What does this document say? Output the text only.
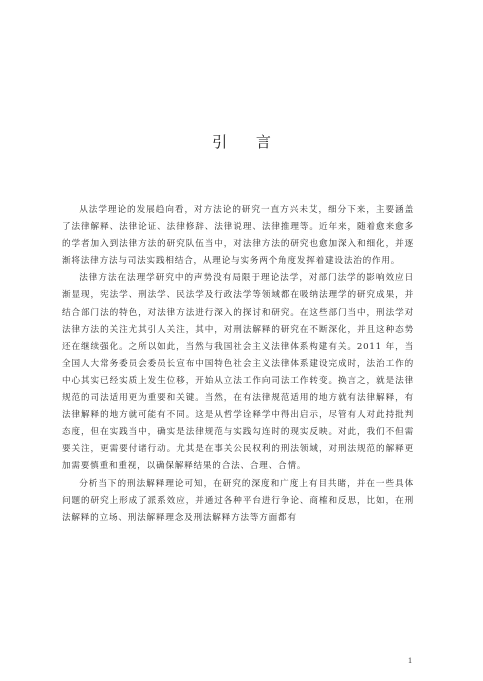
引 言

从法学理论的发展趋向看，对方法论的研究一直方兴未艾，细分下来，主要涵盖了法律解释、法律论证、法律修辞、法律说理、法律推理等。近年来，随着愈来愈多的学者加入到法律方法的研究队伍当中，对法律方法的研究也愈加深入和细化，并逐渐将法律方法与司法实践相结合，从理论与实务两个角度发挥着建设法治的作用。

法律方法在法理学研究中的声势没有局限于理论法学，对部门法学的影响效应日渐显现，宪法学、刑法学、民法学及行政法学等领域都在吸纳法理学的研究成果，并结合部门法的特色，对法律方法进行深入的探讨和研究。在这些部门当中，刑法学对法律方法的关注尤其引人关注，其中，对刑法解释的研究在不断深化，并且这种态势还在继续强化。之所以如此，当然与我国社会主义法律体系构建有关。2011 年，当全国人大常务委员会委员长宣布中国特色社会主义法律体系建设完成时，法治工作的中心其实已经实质上发生位移，开始从立法工作向司法工作转变。换言之，就是法律规范的司法适用更为重要和关键。当然，在有法律规范适用的地方就有法律解释，有法律解释的地方就可能有不同。这是从哲学诠释学中得出启示，尽管有人对此持批判态度，但在实践当中，确实是法律规范与实践勾连时的现实反映。对此，我们不但需要关注，更需要付诸行动。尤其是在事关公民权利的刑法领域，对刑法规范的解释更加需要慎重和重视，以确保解释结果的合法、合理、合情。

分析当下的刑法解释理论可知，在研究的深度和广度上有目共睹，并在一些具体问题的研究上形成了派系效应，并通过各种平台进行争论、商榷和反思，比如，在刑法解释的立场、刑法解释理念及刑法解释方法等方面都有

1
